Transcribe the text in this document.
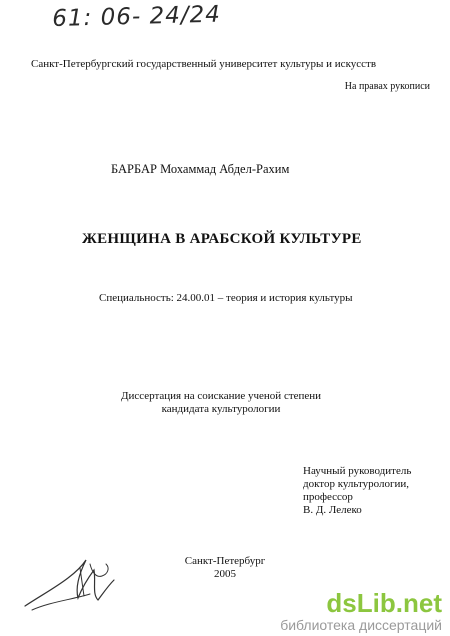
61: 06- 24/24
Санкт-Петербургский государственный университет культуры и искусств
На правах рукописи
БАРБАР Мохаммад Абдел-Рахим
ЖЕНЩИНА В АРАБСКОЙ КУЛЬТУРЕ
Специальность: 24.00.01 – теория и история культуры
Диссертация на соискание ученой степени
кандидата культурологии
Научный руководитель
доктор культурологии,
профессор
В. Д. Лелеко
Санкт-Петербург
2005
dsLib.net
библиотека диссертаций
